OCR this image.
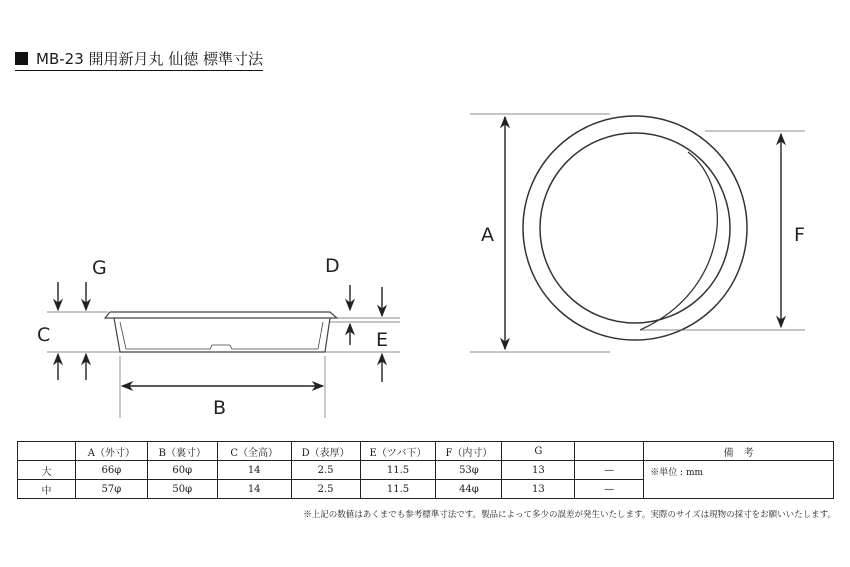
MB-23 開用新月丸 仙徳 標準寸法
G
C
B
D
E
A	F
	A（外寸）	B（裏寸）	C（全高）	D（表厚）	E（ツバ下）	F（内寸）	G		備　考
大	66φ	60φ	14	2.5	11.5	53φ	13	—	※単位 : mm
中	57φ	50φ	14	2.5	11.5	44φ	13	—	
※上記の数値はあくまでも参考標準寸法です。製品によって多少の誤差が発生いたします。実際のサイズは現物の採寸をお願いいたします。
